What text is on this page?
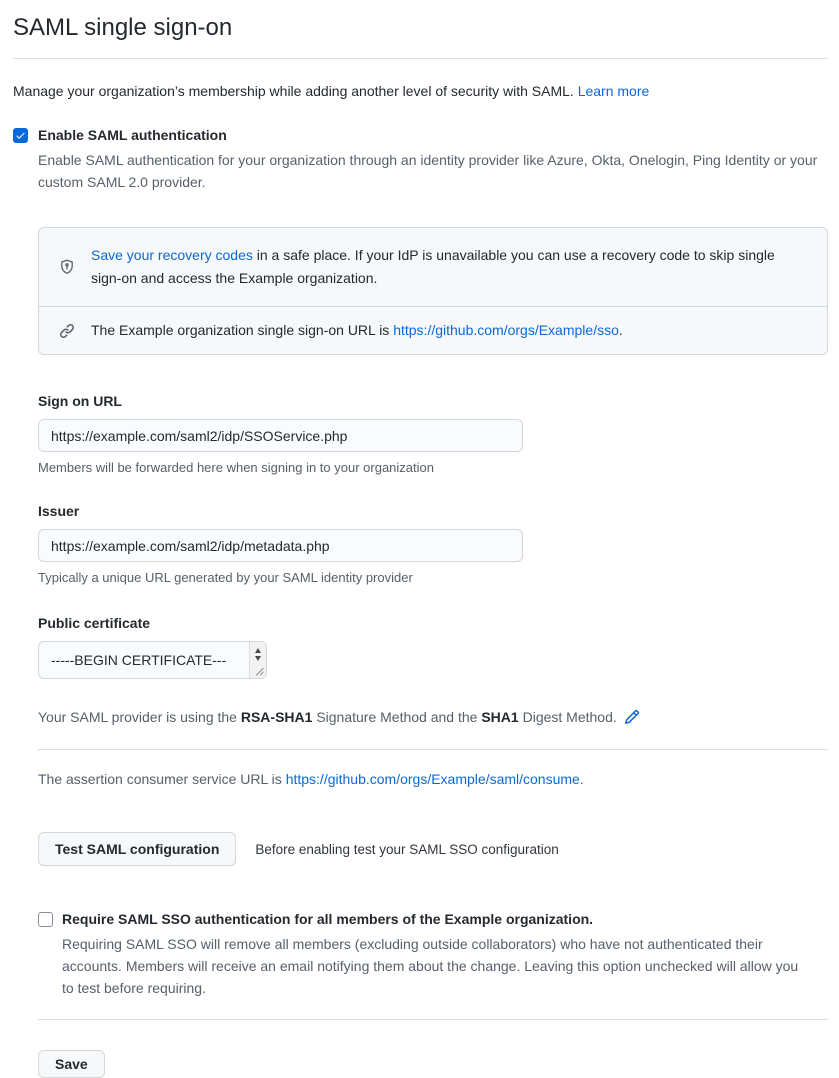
SAML single sign-on

Manage your organization’s membership while adding another level of security with SAML. Learn more

Enable SAML authentication

Enable SAML authentication for your organization through an identity provider like Azure, Okta, Onelogin, Ping Identity or your custom SAML 2.0 provider.

Save your recovery codes in a safe place. If your IdP is unavailable you can use a recovery code to skip single sign-on and access the Example organization.

The Example organization single sign-on URL is https://github.com/orgs/Example/sso.

Sign on URL
https://example.com/saml2/idp/SSOService.php

Members will be forwarded here when signing in to your organization

Issuer
https://example.com/saml2/idp/metadata.php

Typically a unique URL generated by your SAML identity provider

Public certificate
-----BEGIN CERTIFICATE---

Your SAML provider is using the RSA-SHA1 Signature Method and the SHA1 Digest Method.

The assertion consumer service URL is https://github.com/orgs/Example/saml/consume.

Test SAML configuration	Before enabling test your SAML SSO configuration
Require SAML SSO authentication for all members of the Example organization.

Requiring SAML SSO will remove all members (excluding outside collaborators) who have not authenticated their accounts. Members will receive an email notifying them about the change. Leaving this option unchecked will allow you to test before requiring.

Save
